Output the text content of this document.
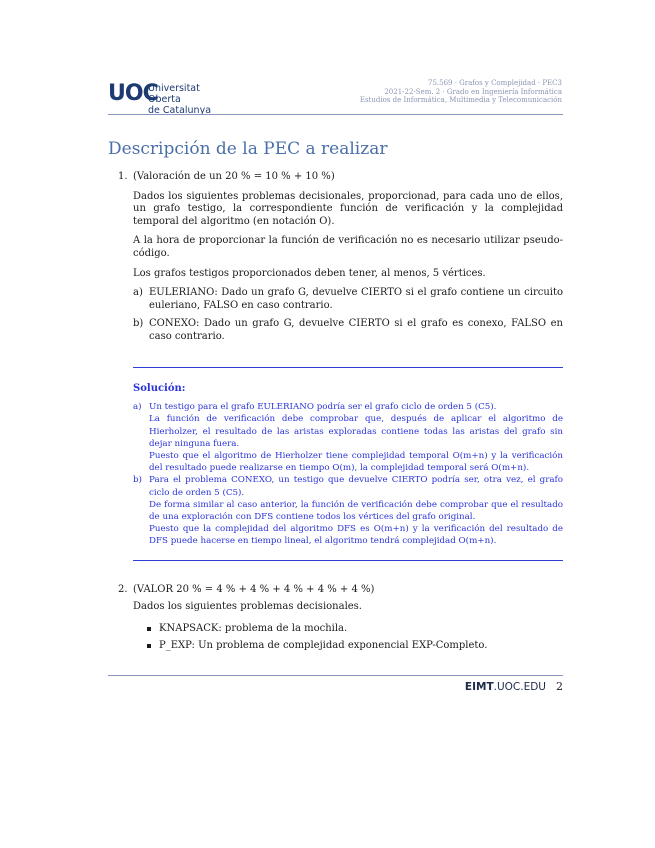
UOC
Universitat Oberta
de Catalunya
75.569 · Grafos y Complejidad · PEC3
2021-22-Sem. 2 · Grado en Ingeniería Informática
Estudios de Informática, Multimedia y Telecomunicación
Descripción de la PEC a realizar
1. (Valoración de un 20 % = 10 % + 10 %)

Dados los siguientes problemas decisionales, proporcionad, para cada uno de ellos, un grafo testigo, la correspondiente función de verificación y la complejidad temporal del algoritmo (en notación O).

A la hora de proporcionar la función de verificación no es necesario utilizar pseudo-código.

Los grafos testigos proporcionados deben tener, al menos, 5 vértices.

a) EULERIANO: Dado un grafo G, devuelve CIERTO si el grafo contiene un circuito euleriano, FALSO en caso contrario.

b) CONEXO: Dado un grafo G, devuelve CIERTO si el grafo es conexo, FALSO en caso contrario.

Solución:

a) Un testigo para el grafo EULERIANO podría ser el grafo ciclo de orden 5 (C5).

La función de verificación debe comprobar que, después de aplicar el algoritmo de Hierholzer, el resultado de las aristas exploradas contiene todas las aristas del grafo sin dejar ninguna fuera.

Puesto que el algoritmo de Hierholzer tiene complejidad temporal O(m+n) y la verificación del resultado puede realizarse en tiempo O(m), la complejidad temporal será O(m+n).

b) Para el problema CONEXO, un testigo que devuelve CIERTO podría ser, otra vez, el grafo ciclo de orden 5 (C5).

De forma similar al caso anterior, la función de verificación debe comprobar que el resultado de una exploración con DFS contiene todos los vértices del grafo original.

Puesto que la complejidad del algoritmo DFS es O(m+n) y la verificación del resultado de DFS puede hacerse en tiempo lineal, el algoritmo tendrá complejidad O(m+n).

2. (VALOR 20 % = 4 % + 4 % + 4 % + 4 % + 4 %)

Dados los siguientes problemas decisionales.

KNAPSACK: problema de la mochila.

P_EXP: Un problema de complejidad exponencial EXP-Completo.

EIMT.UOC.EDU 2
